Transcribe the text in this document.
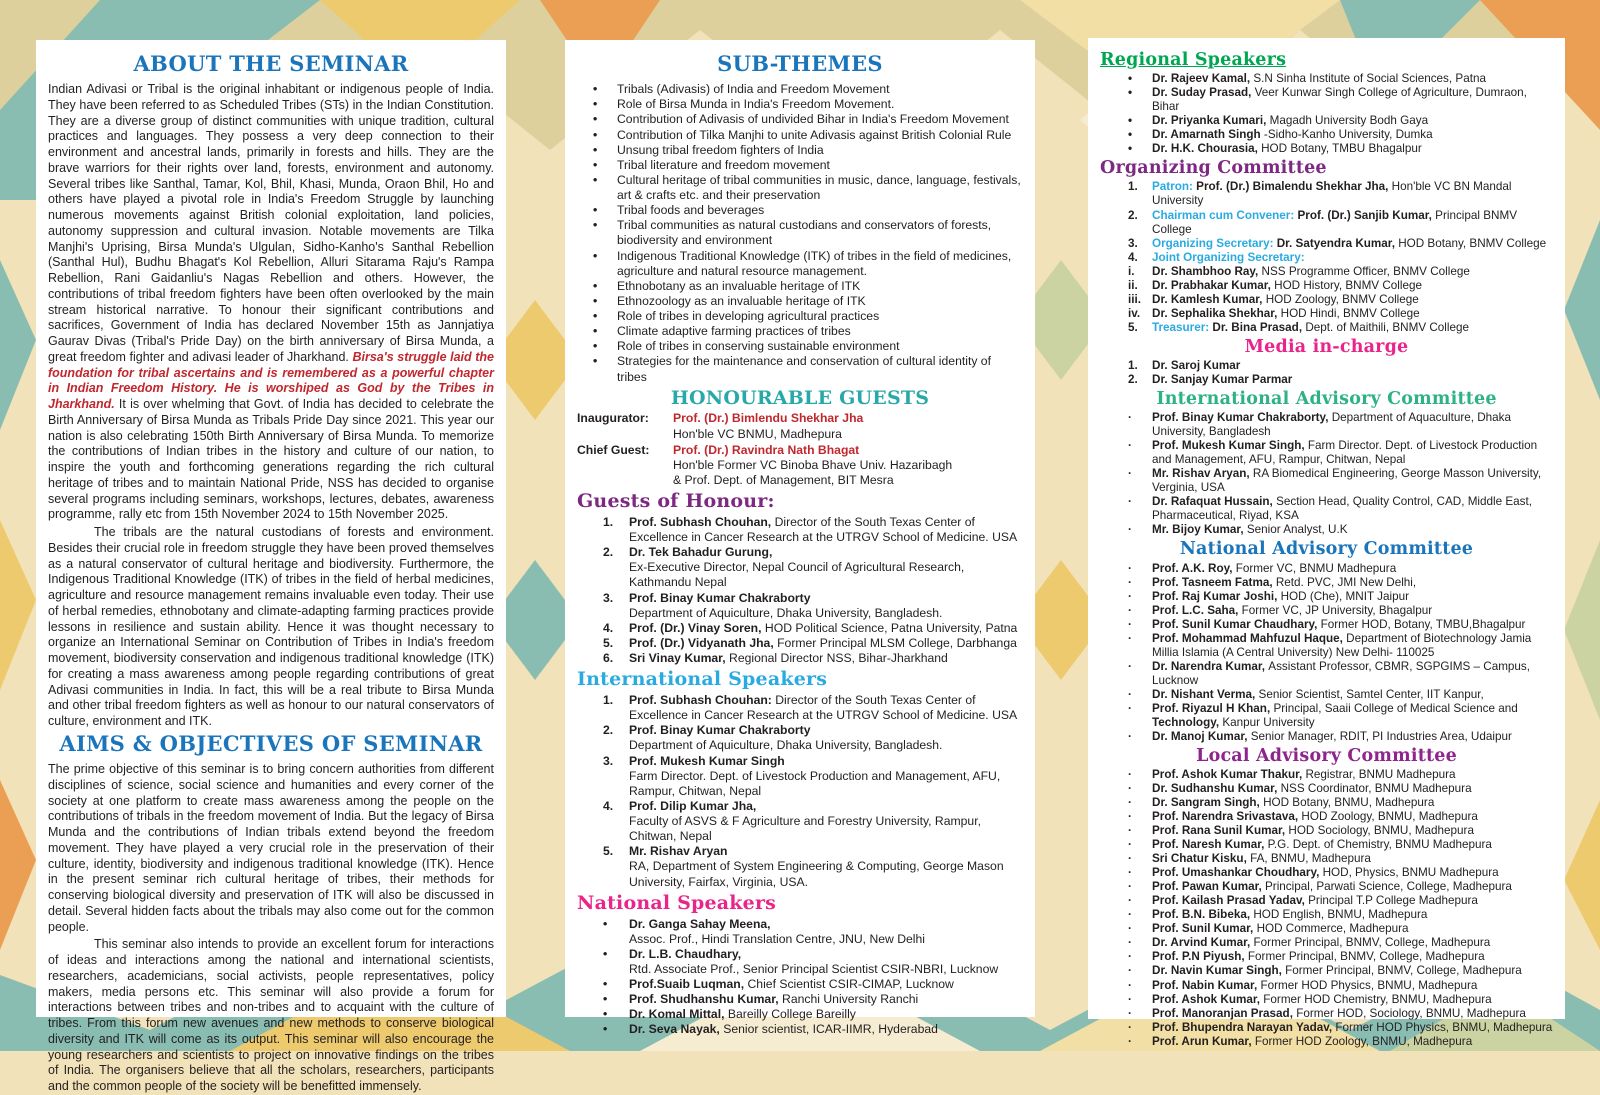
ABOUT THE SEMINAR

Indian Adivasi or Tribal is the original inhabitant or indigenous people of India. They have been referred to as Scheduled Tribes (STs) in the Indian Constitution. They are a diverse group of distinct communities with unique tradition, cultural practices and languages. They possess a very deep connection to their environment and ancestral lands, primarily in forests and hills. They are the brave warriors for their rights over land, forests, environment and autonomy. Several tribes like Santhal, Tamar, Kol, Bhil, Khasi, Munda, Oraon Bhil, Ho and others have played a pivotal role in India's Freedom Struggle by launching numerous movements against British colonial exploitation, land policies, autonomy suppression and cultural invasion. Notable movements are Tilka Manjhi's Uprising, Birsa Munda's Ulgulan, Sidho-Kanho's Santhal Rebellion (Santhal Hul), Budhu Bhagat's Kol Rebellion, Alluri Sitarama Raju's Rampa Rebellion, Rani Gaidanliu's Nagas Rebellion and others. However, the contributions of tribal freedom fighters have been often overlooked by the main stream historical narrative. To honour their significant contributions and sacrifices, Government of India has declared November 15th as Jannjatiya Gaurav Divas (Tribal's Pride Day) on the birth anniversary of Birsa Munda, a great freedom fighter and adivasi leader of Jharkhand. Birsa's struggle laid the foundation for tribal ascertains and is remembered as a powerful chapter in Indian Freedom History. He is worshiped as God by the Tribes in Jharkhand. It is over whelming that Govt. of India has decided to celebrate the Birth Anniversary of Birsa Munda as Tribals Pride Day since 2021. This year our nation is also celebrating 150th Birth Anniversary of Birsa Munda. To memorize the contributions of Indian tribes in the history and culture of our nation, to inspire the youth and forthcoming generations regarding the rich cultural heritage of tribes and to maintain National Pride, NSS has decided to organise several programs including seminars, workshops, lectures, debates, awareness programme, rally etc from 15th November 2024 to 15th November 2025.

The tribals are the natural custodians of forests and environment. Besides their crucial role in freedom struggle they have been proved themselves as a natural conservator of cultural heritage and biodiversity. Furthermore, the Indigenous Traditional Knowledge (ITK) of tribes in the field of herbal medicines, agriculture and resource management remains invaluable even today. Their use of herbal remedies, ethnobotany and climate-adapting farming practices provide lessons in resilience and sustain ability. Hence it was thought necessary to organize an International Seminar on Contribution of Tribes in India's freedom movement, biodiversity conservation and indigenous traditional knowledge (ITK) for creating a mass awareness among people regarding contributions of great Adivasi communities in India. In fact, this will be a real tribute to Birsa Munda and other tribal freedom fighters as well as honour to our natural conservators of culture, environment and ITK.

AIMS & OBJECTIVES OF SEMINAR

The prime objective of this seminar is to bring concern authorities from different disciplines of science, social science and humanities and every corner of the society at one platform to create mass awareness among the people on the contributions of tribals in the freedom movement of India. But the legacy of Birsa Munda and the contributions of Indian tribals extend beyond the freedom movement. They have played a very crucial role in the preservation of their culture, identity, biodiversity and indigenous traditional knowledge (ITK). Hence in the present seminar rich cultural heritage of tribes, their methods for conserving biological diversity and preservation of ITK will also be discussed in detail. Several hidden facts about the tribals may also come out for the common people.

This seminar also intends to provide an excellent forum for interactions of ideas and interactions among the national and international scientists, researchers, academicians, social activists, people representatives, policy makers, media persons etc. This seminar will also provide a forum for interactions between tribes and non-tribes and to acquaint with the culture of tribes. From this forum new avenues and new methods to conserve biological diversity and ITK will come as its output. This seminar will also encourage the young researchers and scientists to project on innovative findings on the tribes of India. The organisers believe that all the scholars, researchers, participants and the common people of the society will be benefitted immensely.

SUB-THEMES
•	Tribals (Adivasis) of India and Freedom Movement
•	Role of Birsa Munda in India's Freedom Movement.
•	Contribution of Adivasis of undivided Bihar in India's Freedom Movement
•	Contribution of Tilka Manjhi to unite Adivasis against British Colonial Rule
•	Unsung tribal freedom fighters of India
•	Tribal literature and freedom movement
•	Cultural heritage of tribal communities in music, dance, language, festivals, art & crafts etc. and their preservation
•	Tribal foods and beverages
•	Tribal communities as natural custodians and conservators of forests, biodiversity and environment
•	Indigenous Traditional Knowledge (ITK) of tribes in the field of medicines, agriculture and natural resource management.
•	Ethnobotany as an invaluable heritage of ITK
•	Ethnozoology as an invaluable heritage of ITK
•	Role of tribes in developing agricultural practices
•	Climate adaptive farming practices of tribes
•	Role of tribes in conserving sustainable environment
•	Strategies for the maintenance and conservation of cultural identity of tribes
HONOURABLE GUESTS
Inaugurator:	Prof. (Dr.) Bimlendu Shekhar Jha
Hon'ble VC BNMU, Madhepura
Chief Guest:	Prof. (Dr.) Ravindra Nath Bhagat
Hon'ble Former VC Binoba Bhave Univ. Hazaribagh
& Prof. Dept. of Management, BIT Mesra
Guests of Honour:
1.	Prof. Subhash Chouhan, Director of the South Texas Center of Excellence in Cancer Research at the UTRGV School of Medicine. USA
2.	Dr. Tek Bahadur Gurung,
Ex-Executive Director, Nepal Council of Agricultural Research, Kathmandu Nepal
3.	Prof. Binay Kumar Chakraborty
Department of Aquiculture, Dhaka University, Bangladesh.
4.	Prof. (Dr.) Vinay Soren, HOD Political Science, Patna University, Patna
5.	Prof. (Dr.) Vidyanath Jha, Former Principal MLSM College, Darbhanga
6.	Sri Vinay Kumar, Regional Director NSS, Bihar-Jharkhand
International Speakers
1.	Prof. Subhash Chouhan: Director of the South Texas Center of Excellence in Cancer Research at the UTRGV School of Medicine. USA
2.	Prof. Binay Kumar Chakraborty
Department of Aquiculture, Dhaka University, Bangladesh.
3.	Prof. Mukesh Kumar Singh
Farm Director. Dept. of Livestock Production and Management, AFU, Rampur, Chitwan, Nepal
4.	Prof. Dilip Kumar Jha,
Faculty of ASVS & F Agriculture and Forestry University, Rampur, Chitwan, Nepal
5.	Mr. Rishav Aryan
RA, Department of System Engineering & Computing, George Mason University, Fairfax, Virginia, USA.
National Speakers
•	Dr. Ganga Sahay Meena,
Assoc. Prof., Hindi Translation Centre, JNU, New Delhi
•	Dr. L.B. Chaudhary,
Rtd. Associate Prof., Senior Principal Scientist CSIR-NBRI, Lucknow
•	Prof.Suaib Luqman, Chief Scientist CSIR-CIMAP, Lucknow
•	Prof. Shudhanshu Kumar, Ranchi University Ranchi
•	Dr. Komal Mittal, Bareilly College Bareilly
•	Dr. Seva Nayak, Senior scientist, ICAR-IIMR, Hyderabad
Regional Speakers
•	Dr. Rajeev Kamal, S.N Sinha Institute of Social Sciences, Patna
•	Dr. Suday Prasad, Veer Kunwar Singh College of Agriculture, Dumraon, Bihar
•	Dr. Priyanka Kumari, Magadh University Bodh Gaya
•	Dr. Amarnath Singh -Sidho-Kanho University, Dumka
•	Dr. H.K. Chourasia, HOD Botany, TMBU Bhagalpur
Organizing Committee
1.	Patron: Prof. (Dr.) Bimalendu Shekhar Jha, Hon'ble VC BN Mandal University
2.	Chairman cum Convener: Prof. (Dr.) Sanjib Kumar, Principal BNMV College
3.	Organizing Secretary: Dr. Satyendra Kumar, HOD Botany, BNMV College
4.	Joint Organizing Secretary:
i.	Dr. Shambhoo Ray, NSS Programme Officer, BNMV College
ii.	Dr. Prabhakar Kumar, HOD History, BNMV College
iii. Dr. Kamlesh Kumar, HOD Zoology, BNMV College
iv.	Dr. Sephalika Shekhar, HOD Hindi, BNMV College
5.	Treasurer: Dr. Bina Prasad, Dept. of Maithili, BNMV College
Media in-charge
1.	Dr. Saroj Kumar
2.	Dr. Sanjay Kumar Parmar
International Advisory Committee
·	Prof. Binay Kumar Chakraborty, Department of Aquaculture, Dhaka University, Bangladesh
·	Prof. Mukesh Kumar Singh, Farm Director. Dept. of Livestock Production and Management, AFU, Rampur, Chitwan, Nepal
·	Mr. Rishav Aryan, RA Biomedical Engineering, George Masson University, Verginia, USA
·	Dr. Rafaquat Hussain, Section Head, Quality Control, CAD, Middle East, Pharmaceutical, Riyad, KSA
·	Mr. Bijoy Kumar, Senior Analyst, U.K
National Advisory Committee
·	Prof. A.K. Roy, Former VC, BNMU Madhepura
·	Prof. Tasneem Fatma, Retd. PVC, JMI New Delhi,
·	Prof. Raj Kumar Joshi, HOD (Che), MNIT Jaipur
·	Prof. L.C. Saha, Former VC, JP University, Bhagalpur
·	Prof. Sunil Kumar Chaudhary, Former HOD, Botany, TMBU,Bhagalpur
·	Prof. Mohammad Mahfuzul Haque, Department of Biotechnology Jamia Millia Islamia (A Central University) New Delhi- 110025
·	Dr. Narendra Kumar, Assistant Professor, CBMR, SGPGIMS – Campus, Lucknow
·	Dr. Nishant Verma, Senior Scientist, Samtel Center, IIT Kanpur,
·	Prof. Riyazul H Khan, Principal, Saaii College of Medical Science and Technology, Kanpur University
·	Dr. Manoj Kumar, Senior Manager, RDIT, PI Industries Area, Udaipur
Local Advisory Committee
·	Prof. Ashok Kumar Thakur, Registrar, BNMU Madhepura
·	Dr. Sudhanshu Kumar, NSS Coordinator, BNMU Madhepura
·	Dr. Sangram Singh, HOD Botany, BNMU, Madhepura
·	Prof. Narendra Srivastava, HOD Zoology, BNMU, Madhepura
·	Prof. Rana Sunil Kumar, HOD Sociology, BNMU, Madhepura
·	Prof. Naresh Kumar, P.G. Dept. of Chemistry, BNMU Madhepura
·	Sri Chatur Kisku, FA, BNMU, Madhepura
·	Prof. Umashankar Choudhary, HOD, Physics, BNMU Madhepura
·	Prof. Pawan Kumar, Principal, Parwati Science, College, Madhepura
·	Prof. Kailash Prasad Yadav, Principal T.P College Madhepura
·	Prof. B.N. Bibeka, HOD English, BNMU, Madhepura
·	Prof. Sunil Kumar, HOD Commerce, Madhepura
·	Dr. Arvind Kumar, Former Principal, BNMV, College, Madhepura
·	Prof. P.N Piyush, Former Principal, BNMV, College, Madhepura
·	Dr. Navin Kumar Singh, Former Principal, BNMV, College, Madhepura
·	Prof. Nabin Kumar, Former HOD Physics, BNMU, Madhepura
·	Prof. Ashok Kumar, Former HOD Chemistry, BNMU, Madhepura
·	Prof. Manoranjan Prasad, Former HOD, Sociology, BNMU, Madhepura
·	Prof. Bhupendra Narayan Yadav, Former HOD Physics, BNMU, Madhepura
·	Prof. Arun Kumar, Former HOD Zoology, BNMU, Madhepura
